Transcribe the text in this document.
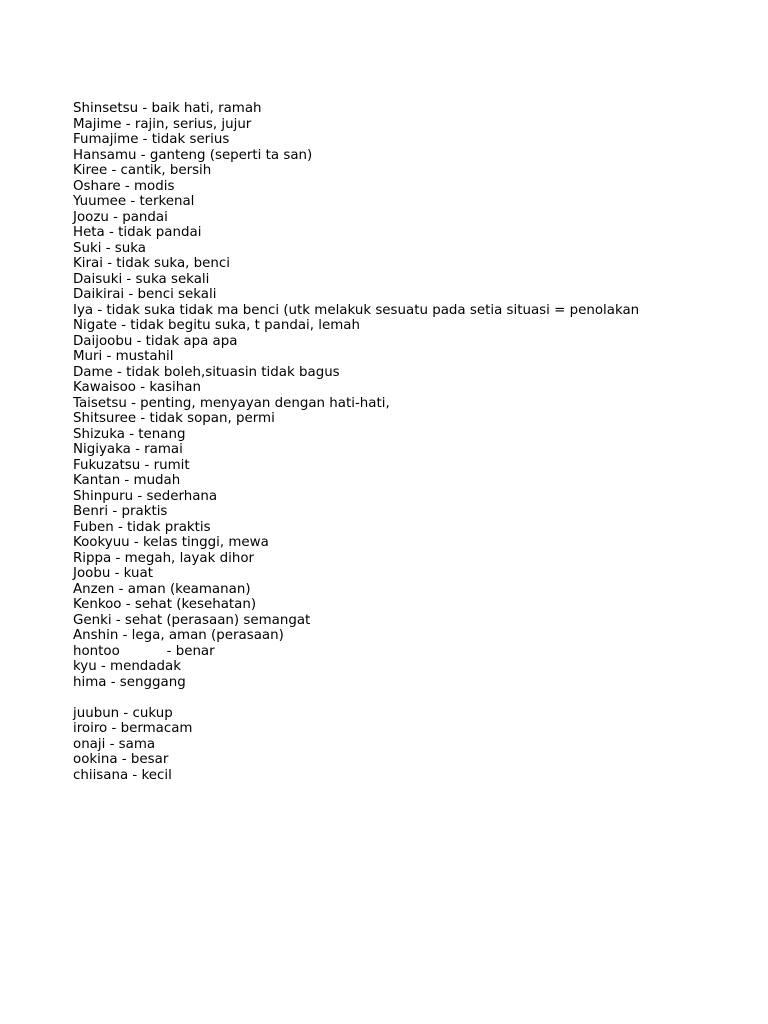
Shinsetsu - baik hati, ramah
Majime - rajin, serius, jujur
Fumajime - tidak serius
Hansamu - ganteng (seperti ta san)
Kiree - cantik, bersih
Oshare - modis
Yuumee - terkenal
Joozu - pandai
Heta - tidak pandai
Suki - suka
Kirai - tidak suka, benci
Daisuki - suka sekali
Daikirai - benci sekali
Iya - tidak suka tidak ma benci (utk melakuk sesuatu pada setia situasi = penolakan
Nigate - tidak begitu suka, t pandai, lemah
Daijoobu - tidak apa apa
Muri - mustahil
Dame - tidak boleh,situasin tidak bagus
Kawaisoo - kasihan
Taisetsu - penting, menyayan dengan hati-hati,
Shitsuree - tidak sopan, permi
Shizuka - tenang
Nigiyaka - ramai
Fukuzatsu - rumit
Kantan - mudah
Shinpuru - sederhana
Benri - praktis
Fuben - tidak praktis
Kookyuu - kelas tinggi, mewa
Rippa - megah, layak dihor
Joobu - kuat
Anzen - aman (keamanan)
Kenkoo - sehat (kesehatan)
Genki - sehat (perasaan) semangat
Anshin - lega, aman (perasaan)
hontoo           - benar
kyu - mendadak
hima - senggang
juubun - cukup
iroiro - bermacam
onaji - sama
ookina - besar
chiisana - kecil
